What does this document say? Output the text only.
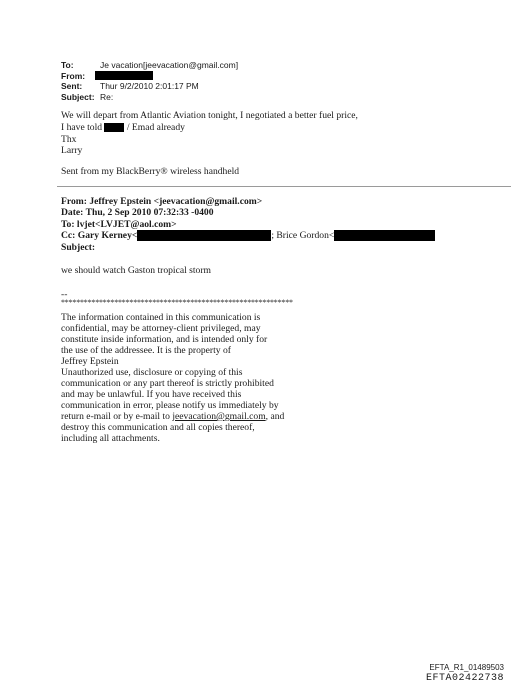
To:	Je vacation[jeevacation@gmail.com]
From:
Sent:	Thur 9/2/2010 2:01:17 PM
Subject: Re:
We will depart from Atlantic Aviation tonight, I negotiated a better fuel price,
I have told	/ Emad already
Thx
Larry
Sent from my BlackBerry® wireless handheld
From: Jeffrey Epstein <jeevacation@gmail.com>
Date: Thu, 2 Sep 2010 07:32:33 -0400
To: lvjet<LVJET@aol.com>
Cc: Gary Kerney<	; Brice Gordon<
Subject:
we should watch Gaston tropical storm
--
*************************************************************
The information contained in this communication is
confidential, may be attorney-client privileged, may
constitute inside information, and is intended only for
the use of the addressee. It is the property of
Jeffrey Epstein
Unauthorized use, disclosure or copying of this
communication or any part thereof is strictly prohibited
and may be unlawful. If you have received this
communication in error, please notify us immediately by
return e-mail or by e-mail to jeevacation@gmail.com, and
destroy this communication and all copies thereof,
including all attachments.
EFTA_R1_01489503
EFTA02422738
